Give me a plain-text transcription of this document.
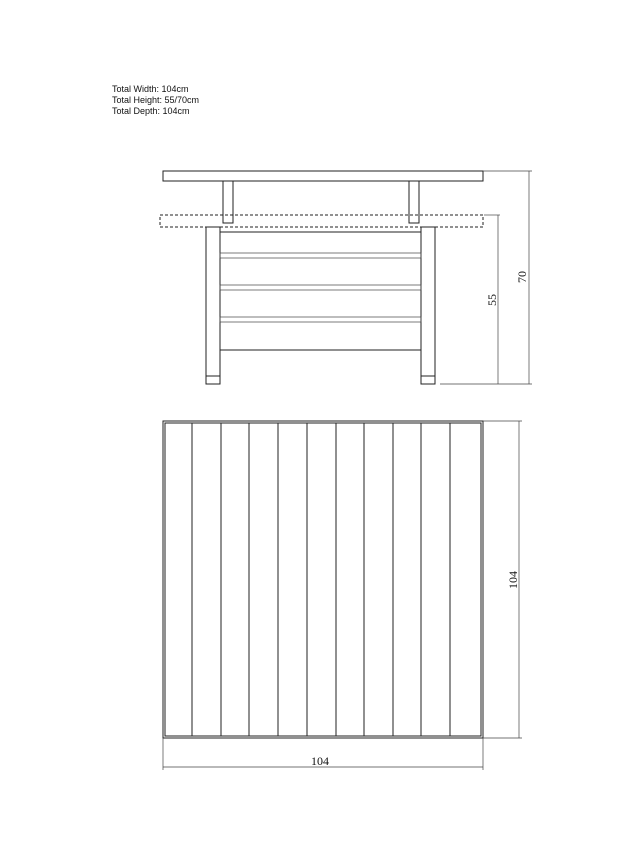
Total Width: 104cm
Total Height: 55/70cm
Total Depth: 104cm
55
70
104
104
